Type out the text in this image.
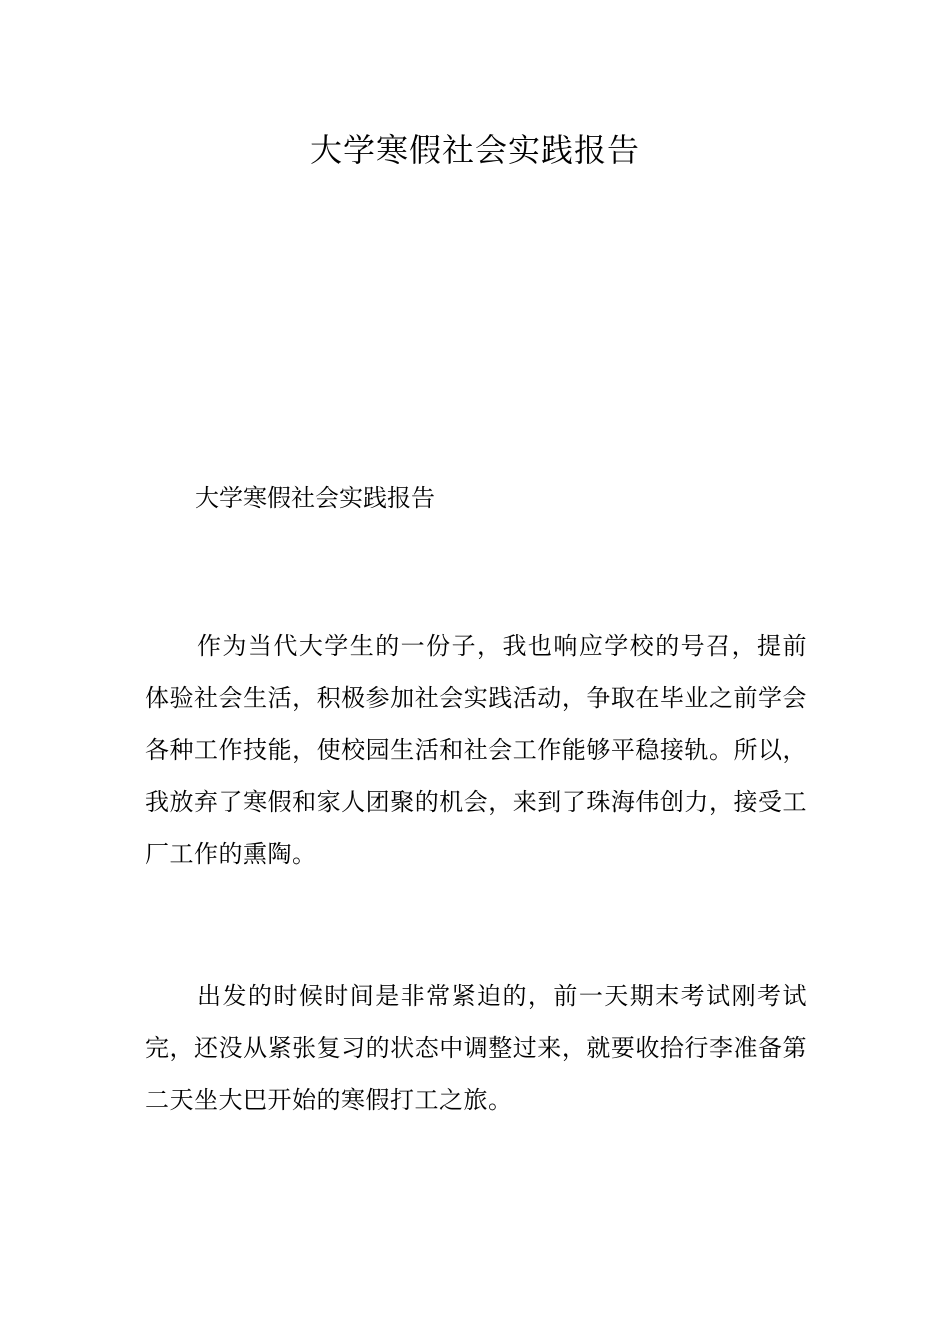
大学寒假社会实践报告

大学寒假社会实践报告

作为当代大学生的一份子，我也响应学校的号召，提前体验社会生活，积极参加社会实践活动，争取在毕业之前学会各种工作技能，使校园生活和社会工作能够平稳接轨。所以，我放弃了寒假和家人团聚的机会，来到了珠海伟创力，接受工厂工作的熏陶。

出发的时候时间是非常紧迫的，前一天期末考试刚考试完，还没从紧张复习的状态中调整过来，就要收拾行李准备第二天坐大巴开始的寒假打工之旅。
